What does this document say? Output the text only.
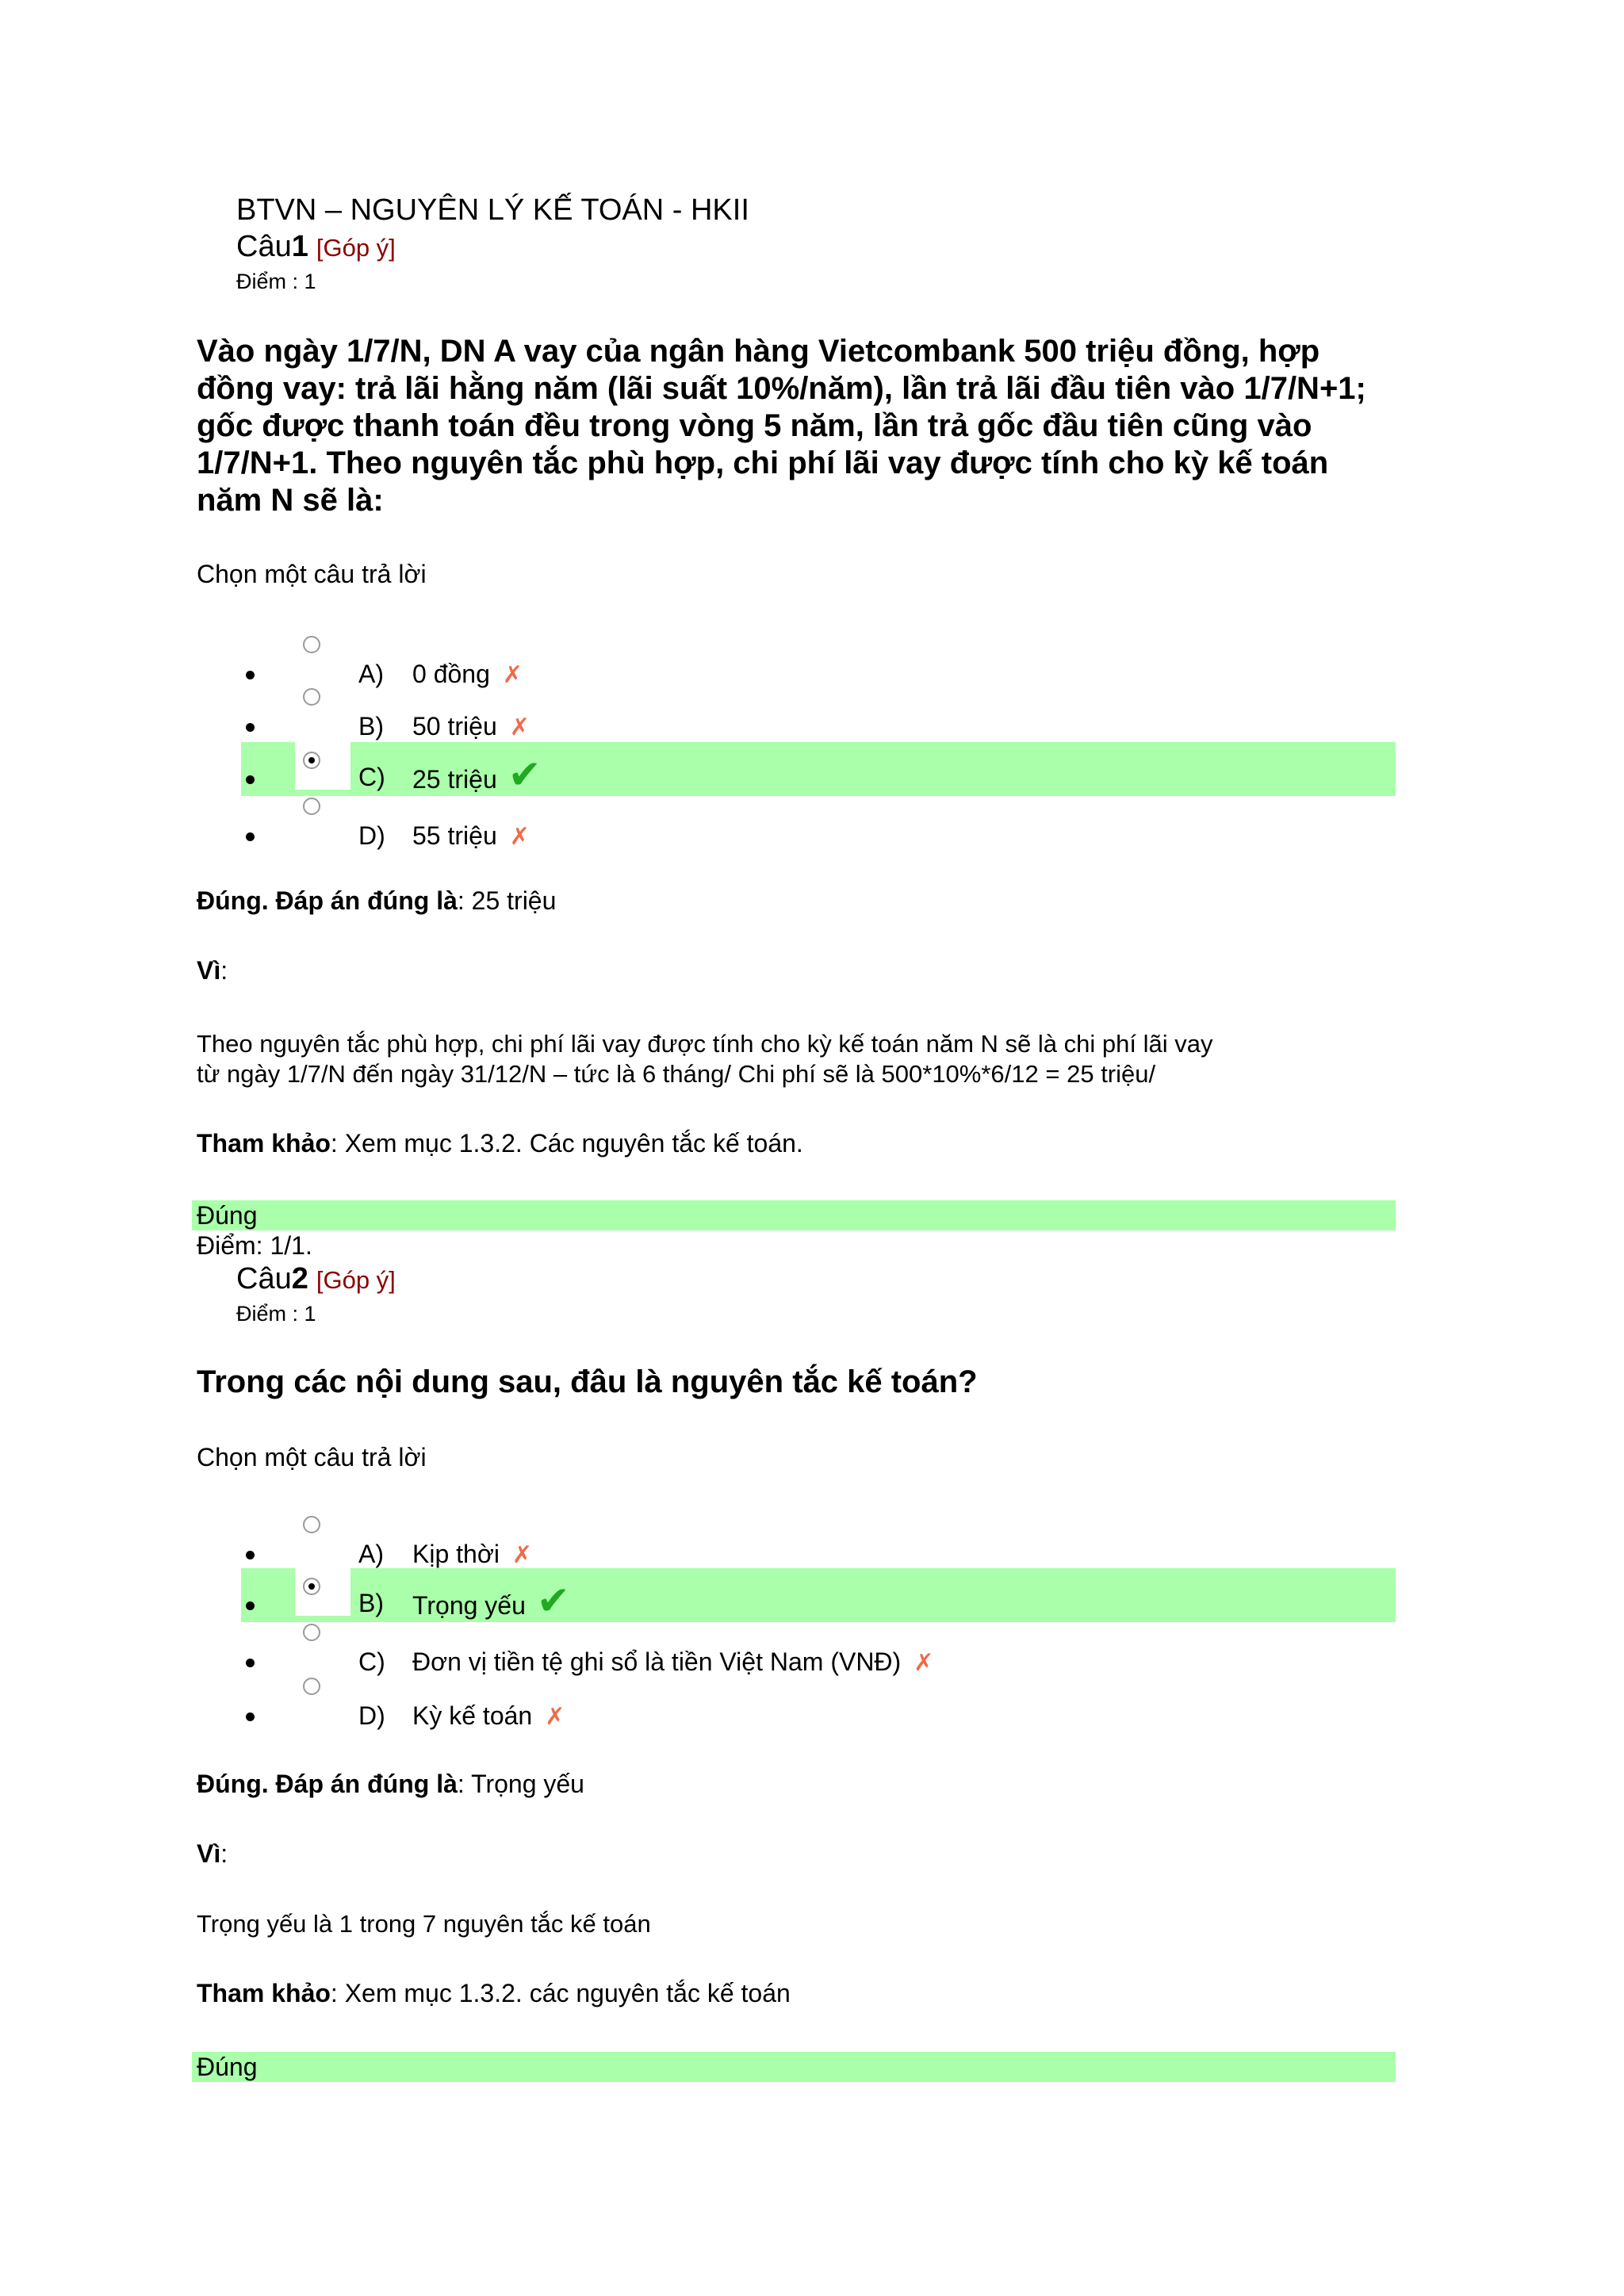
BTVN – NGUYÊN LÝ KẾ TOÁN - HKII
Câu1 [Góp ý]
Điểm : 1
Vào ngày 1/7/N, DN A vay của ngân hàng Vietcombank 500 triệu đồng, hợp đồng vay: trả lãi hằng năm (lãi suất 10%/năm), lần trả lãi đầu tiên vào 1/7/N+1; gốc được thanh toán đều trong vòng 5 năm, lần trả gốc đầu tiên cũng vào 1/7/N+1. Theo nguyên tắc phù hợp, chi phí lãi vay được tính cho kỳ kế toán năm N sẽ là:
Chọn một câu trả lời
A) 0 đồng ✗
B) 50 triệu ✗
C) 25 triệu ✔
D) 55 triệu ✗
Đúng. Đáp án đúng là: 25 triệu
Vì:
Theo nguyên tắc phù hợp, chi phí lãi vay được tính cho kỳ kế toán năm N sẽ là chi phí lãi vay
từ ngày 1/7/N đến ngày 31/12/N – tức là 6 tháng/ Chi phí sẽ là 500*10%*6/12 = 25 triệu/
Tham khảo: Xem mục 1.3.2. Các nguyên tắc kế toán.
Đúng
Điểm: 1/1.
Câu2 [Góp ý]
Điểm : 1
Trong các nội dung sau, đâu là nguyên tắc kế toán?
Chọn một câu trả lời
A) Kịp thời ✗
B) Trọng yếu ✔
C) Đơn vị tiền tệ ghi sổ là tiền Việt Nam (VNĐ) ✗
D) Kỳ kế toán ✗
Đúng. Đáp án đúng là: Trọng yếu
Vì:
Trọng yếu là 1 trong 7 nguyên tắc kế toán
Tham khảo: Xem mục 1.3.2. các nguyên tắc kế toán
Đúng
